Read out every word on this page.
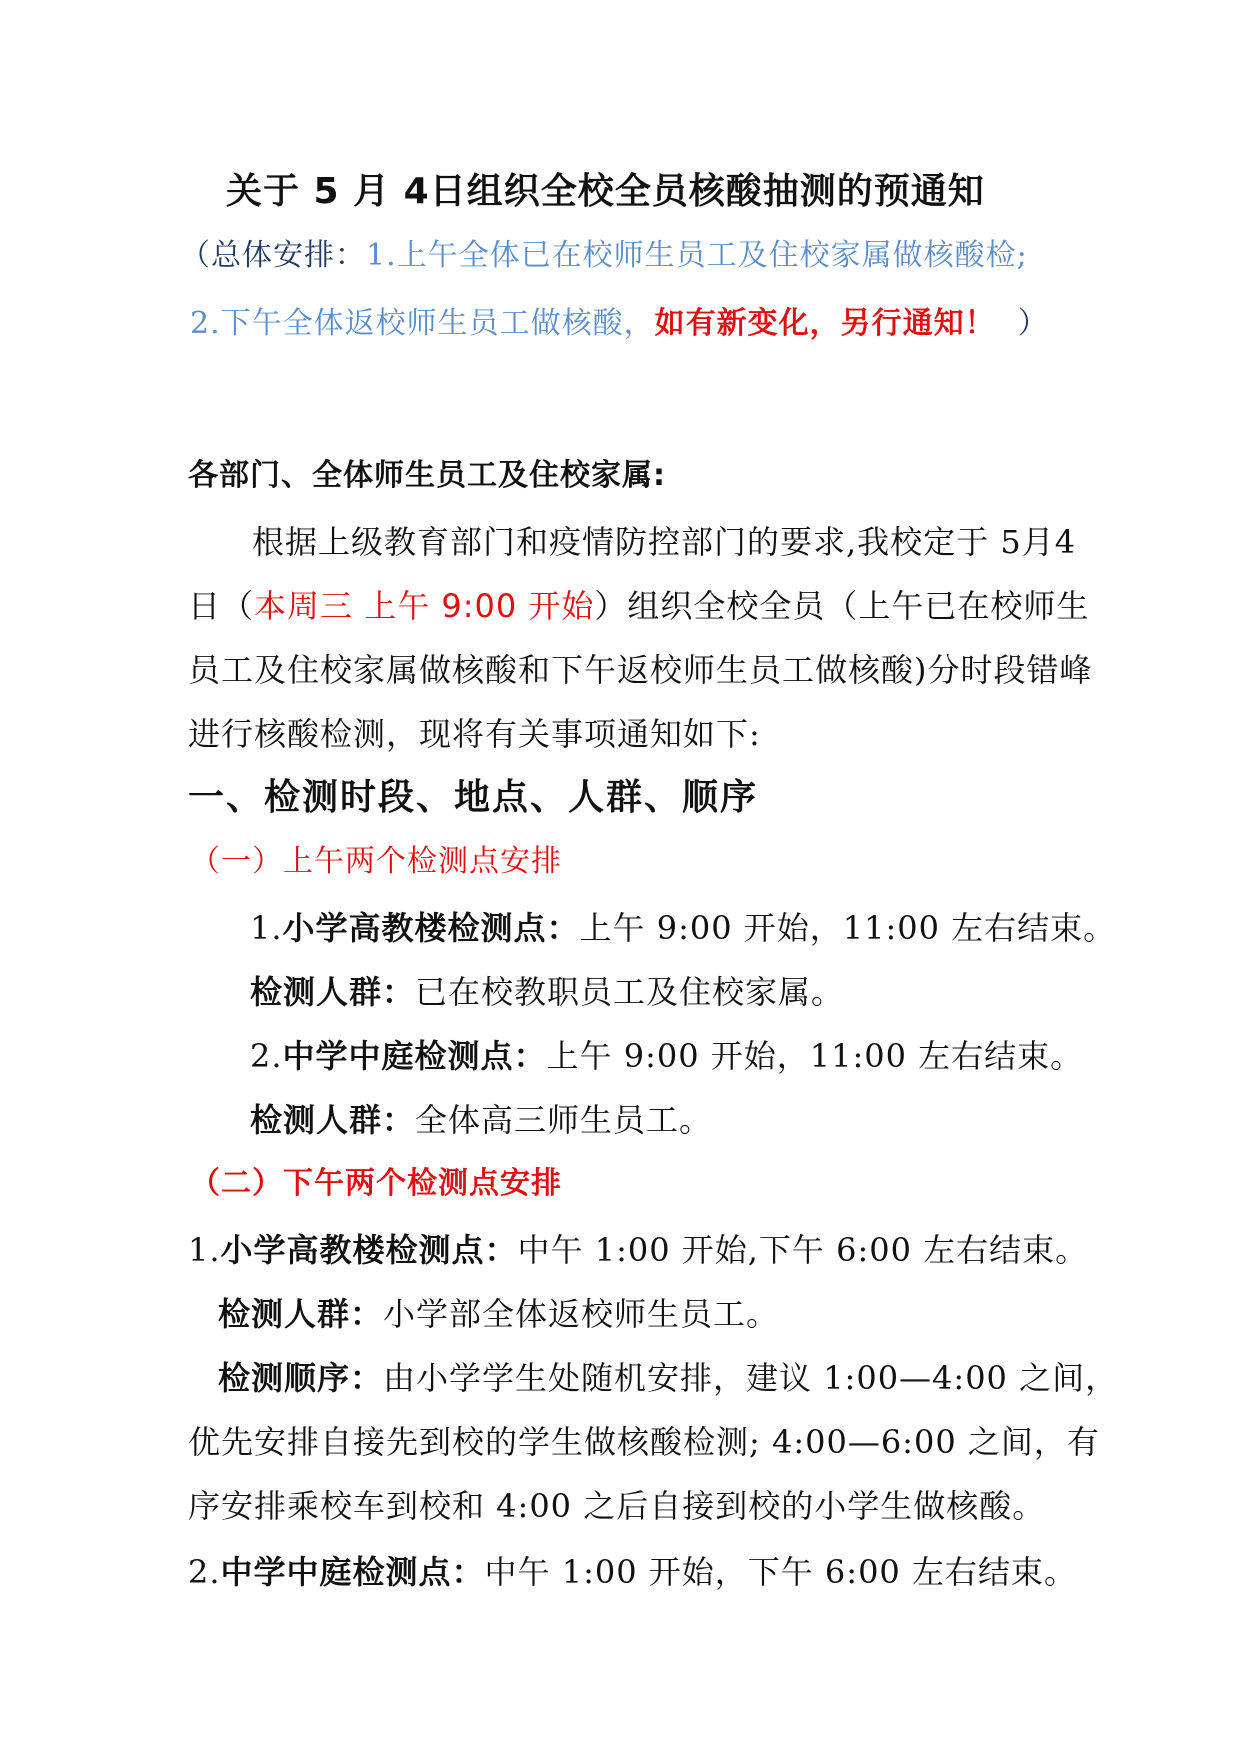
关于 5 月 4日组织全校全员核酸抽测的预通知
（总体安排：1.上午全体已在校师生员工及住校家属做核酸检;
2.下午全体返校师生员工做核酸，如有新变化，另行通知！ ）
各部门、全体师生员工及住校家属:
根据上级教育部门和疫情防控部门的要求,我校定于 5月4
日（本周三 上午 9:00 开始）组织全校全员（上午已在校师生
员工及住校家属做核酸和下午返校师生员工做核酸)分时段错峰
进行核酸检测，现将有关事项通知如下:
一、检测时段、地点、人群、顺序
（一）上午两个检测点安排
1.小学高教楼检测点：上午 9:00 开始，11:00 左右结束。
检测人群：已在校教职员工及住校家属。
2.中学中庭检测点：上午 9:00 开始，11:00 左右结束。
检测人群：全体高三师生员工。
（二）下午两个检测点安排
1.小学高教楼检测点：中午 1:00 开始,下午 6:00 左右结束。
检测人群：小学部全体返校师生员工。
检测顺序：由小学学生处随机安排，建议 1:00—4:00 之间，
优先安排自接先到校的学生做核酸检测; 4:00—6:00 之间，有
序安排乘校车到校和 4:00 之后自接到校的小学生做核酸。
2.中学中庭检测点：中午 1:00 开始，下午 6:00 左右结束。
